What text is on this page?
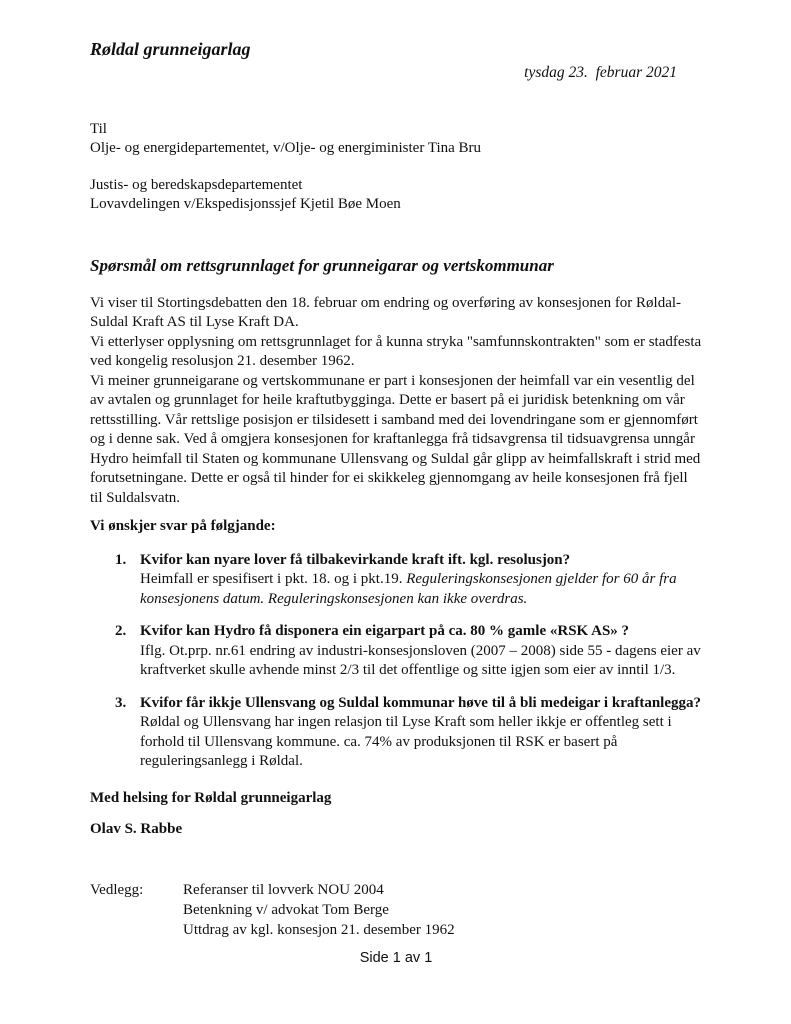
Røldal grunneigarlag
tysdag 23.  februar 2021
Til
Olje- og energidepartementet, v/Olje- og energiminister Tina Bru
Justis- og beredskapsdepartementet
Lovavdelingen v/Ekspedisjonssjef Kjetil Bøe Moen
Spørsmål om rettsgrunnlaget for grunneigarar og vertskommunar

Vi viser til Stortingsdebatten den 18. februar om endring og overføring av konsesjonen for Røldal-Suldal Kraft AS til Lyse Kraft DA.

Vi etterlyser opplysning om rettsgrunnlaget for å kunna stryka "samfunnskontrakten" som er stadfesta ved kongelig resolusjon 21. desember 1962.

Vi meiner grunneigarane og vertskommunane er part i konsesjonen der heimfall var ein vesentlig del av avtalen og grunnlaget for heile kraftutbygginga. Dette er basert på ei juridisk betenkning om vår rettsstilling. Vår rettslige posisjon er tilsidesett i samband med dei lovendringane som er gjennomført og i denne sak. Ved å omgjera konsesjonen for kraftanlegga frå tidsavgrensa til tidsuavgrensa unngår Hydro heimfall til Staten og kommunane Ullensvang og Suldal går glipp av heimfallskraft i strid med forutsetningane. Dette er også til hinder for ei skikkeleg gjennomgang av heile konsesjonen frå fjell til Suldalsvatn.

Vi ønskjer svar på følgjande:
1. Kvifor kan nyare lover få tilbakevirkande kraft ift. kgl. resolusjon?
Heimfall er spesifisert i pkt. 18. og i pkt.19. Reguleringskonsesjonen gjelder for 60 år fra konsesjonens datum. Reguleringskonsesjonen kan ikke overdras.
2. Kvifor kan Hydro få disponera ein eigarpart på ca. 80 % gamle «RSK AS» ?
Iflg. Ot.prp. nr.61 endring av industri-konsesjonsloven (2007 – 2008) side 55 - dagens eier av kraftverket skulle avhende minst 2/3 til det offentlige og sitte igjen som eier av inntil 1/3.
3. Kvifor får ikkje Ullensvang og Suldal kommunar høve til å bli medeigar i kraftanlegga?
Røldal og Ullensvang har ingen relasjon til Lyse Kraft som heller ikkje er offentleg sett i forhold til Ullensvang kommune. ca. 74% av produksjonen til RSK er basert på reguleringsanlegg i Røldal.
Med helsing for Røldal grunneigarlag
Olav S. Rabbe
Vedlegg:	Referanser til lovverk NOU 2004
Betenkning v/ advokat Tom Berge
Uttdrag av kgl. konsesjon 21. desember 1962
Side 1 av 1
